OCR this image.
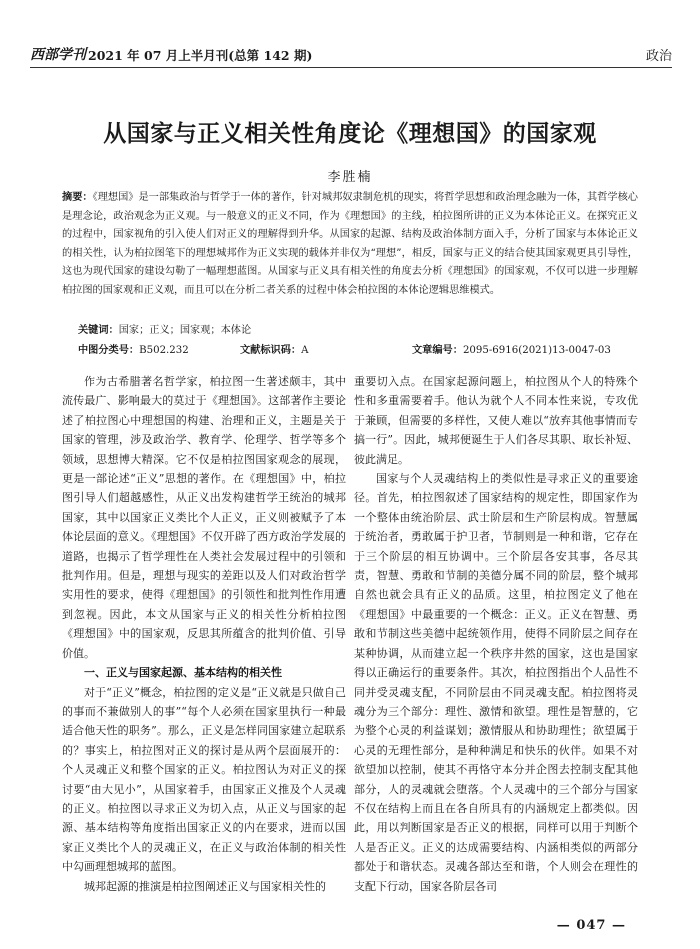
西部学刊 2021 年 07 月上半月刊(总第 142 期)	政治
从国家与正义相关性角度论《理想国》的国家观
李胜楠
摘要：《理想国》是一部集政治与哲学于一体的著作，针对城邦奴隶制危机的现实，将哲学思想和政治理念融为一体，其哲学核心是理念论，政治观念为正义观。与一般意义的正义不同，作为《理想国》的主线，柏拉图所讲的正义为本体论正义。在探究正义的过程中，国家视角的引入使人们对正义的理解得到升华。从国家的起源、结构及政治体制方面入手，分析了国家与本体论正义的相关性，认为柏拉图笔下的理想城邦作为正义实现的载体并非仅为“理想”，相反，国家与正义的结合使其国家观更具引导性，这也为现代国家的建设勾勒了一幅理想蓝图。从国家与正义具有相关性的角度去分析《理想国》的国家观，不仅可以进一步理解柏拉图的国家观和正义观，而且可以在分析二者关系的过程中体会柏拉图的本体论逻辑思维模式。
关键词：国家；正义；国家观；本体论
中图分类号：B502.232	文献标识码：A	文章编号：2095-6916(2021)13-0047-03

作为古希腊著名哲学家，柏拉图一生著述颇丰，其中流传最广、影响最大的莫过于《理想国》。这部著作主要论述了柏拉图心中理想国的构建、治理和正义，主题是关于国家的管理，涉及政治学、教育学、伦理学、哲学等多个领域，思想博大精深。它不仅是柏拉图国家观念的展现，更是一部论述“正义”思想的著作。在《理想国》中，柏拉图引导人们超越感性，从正义出发构建哲学王统治的城邦国家，其中以国家正义类比个人正义，正义则被赋予了本体论层面的意义。《理想国》不仅开辟了西方政治学发展的道路，也揭示了哲学理性在人类社会发展过程中的引领和批判作用。但是，理想与现实的差距以及人们对政治哲学实用性的要求，使得《理想国》的引领性和批判性作用遭到忽视。因此，本文从国家与正义的相关性分析柏拉图《理想国》中的国家观，反思其所蕴含的批判价值、引导价值。

一、正义与国家起源、基本结构的相关性

对于“正义”概念，柏拉图的定义是“正义就是只做自己的事而不兼做别人的事”“每个人必须在国家里执行一种最适合他天性的职务”。那么，正义是怎样同国家建立起联系的？事实上，柏拉图对正义的探讨是从两个层面展开的：个人灵魂正义和整个国家的正义。柏拉图认为对正义的探讨要“由大见小”，从国家着手，由国家正义推及个人灵魂的正义。柏拉图以寻求正义为切入点，从正义与国家的起源、基本结构等角度指出国家正义的内在要求，进而以国家正义类比个人的灵魂正义，在正义与政治体制的相关性中勾画理想城邦的蓝图。

城邦起源的推演是柏拉图阐述正义与国家相关性的

重要切入点。在国家起源问题上，柏拉图从个人的特殊个性和多重需要着手。他认为就个人不同本性来说，专攻优于兼顾，但需要的多样性，又使人难以“放弃其他事情而专搞一行”。因此，城邦便诞生于人们各尽其职、取长补短、彼此满足。

国家与个人灵魂结构上的类似性是寻求正义的重要途径。首先，柏拉图叙述了国家结构的规定性，即国家作为一个整体由统治阶层、武士阶层和生产阶层构成。智慧属于统治者，勇敢属于护卫者，节制则是一种和谐，它存在于三个阶层的相互协调中。三个阶层各安其事，各尽其责，智慧、勇敢和节制的美德分属不同的阶层，整个城邦自然也就会具有正义的品质。这里，柏拉图定义了他在《理想国》中最重要的一个概念：正义。正义在智慧、勇敢和节制这些美德中起统领作用，使得不同阶层之间存在某种协调，从而建立起一个秩序井然的国家，这也是国家得以正确运行的重要条件。其次，柏拉图指出个人品性不同并受灵魂支配，不同阶层由不同灵魂支配。柏拉图将灵魂分为三个部分：理性、激情和欲望。理性是智慧的，它为整个心灵的利益谋划；激情服从和协助理性；欲望属于心灵的无理性部分，是种种满足和快乐的伙伴。如果不对欲望加以控制，使其不再恪守本分并企图去控制支配其他部分，人的灵魂就会堕落。个人灵魂中的三个部分与国家不仅在结构上而且在各自所具有的内涵规定上都类似。因此，用以判断国家是否正义的根据，同样可以用于判断个人是否正义。正义的达成需要结构、内涵相类似的两部分都处于和谐状态。灵魂各部达至和谐，个人则会在理性的支配下行动，国家各阶层各司

— 047 —
